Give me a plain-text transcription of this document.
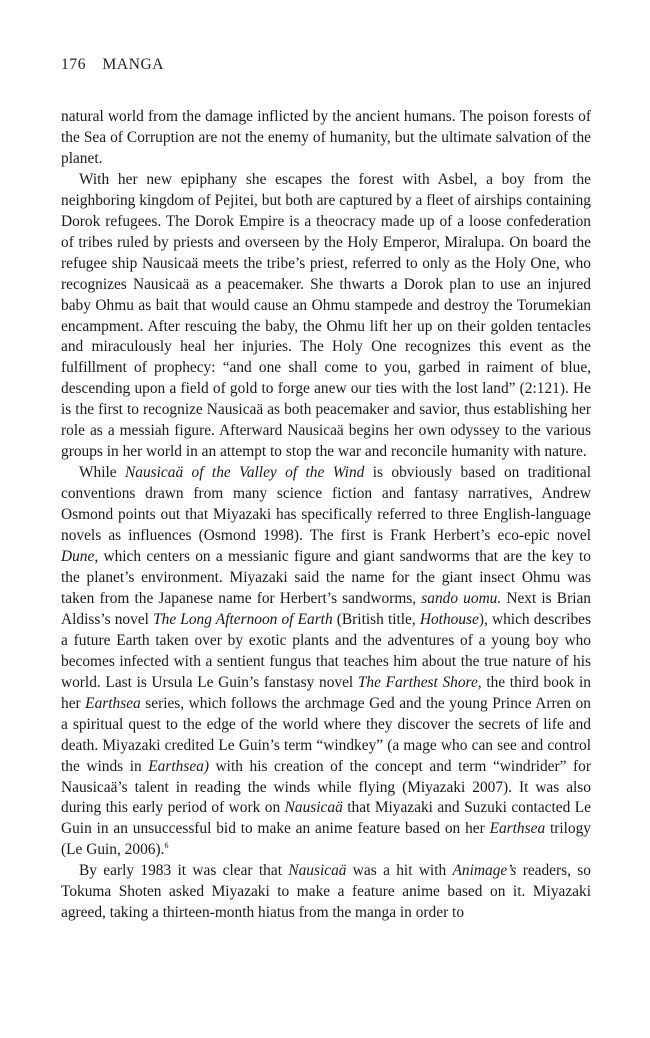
176 MANGA

natural world from the damage inflicted by the ancient humans. The poison forests of the Sea of Corruption are not the enemy of humanity, but the ultimate salvation of the planet.

With her new epiphany she escapes the forest with Asbel, a boy from the neighboring kingdom of Pejitei, but both are captured by a fleet of airships containing Dorok refugees. The Dorok Empire is a theocracy made up of a loose confederation of tribes ruled by priests and overseen by the Holy Emperor, Miralupa. On board the refugee ship Nausicaä meets the tribe’s priest, referred to only as the Holy One, who recognizes Nausicaä as a peacemaker. She thwarts a Dorok plan to use an injured baby Ohmu as bait that would cause an Ohmu stampede and destroy the Torumekian encampment. After rescuing the baby, the Ohmu lift her up on their golden tentacles and miraculously heal her injuries. The Holy One recognizes this event as the fulfillment of prophecy: “and one shall come to you, garbed in raiment of blue, descending upon a field of gold to forge anew our ties with the lost land” (2:121). He is the first to recognize Nausicaä as both peacemaker and savior, thus establishing her role as a messiah figure. Afterward Nausicaä begins her own odyssey to the various groups in her world in an attempt to stop the war and reconcile humanity with nature.

While Nausicaä of the Valley of the Wind is obviously based on traditional conventions drawn from many science fiction and fantasy narratives, Andrew Osmond points out that Miyazaki has specifically referred to three English-language novels as influences (Osmond 1998). The first is Frank Herbert’s eco-epic novel Dune, which centers on a messianic figure and giant sandworms that are the key to the planet’s environment. Miyazaki said the name for the giant insect Ohmu was taken from the Japanese name for Herbert’s sandworms, sando uomu. Next is Brian Aldiss’s novel The Long Afternoon of Earth (British title, Hothouse), which describes a future Earth taken over by exotic plants and the adventures of a young boy who becomes infected with a sentient fungus that teaches him about the true nature of his world. Last is Ursula Le Guin’s fanstasy novel The Farthest Shore, the third book in her Earthsea series, which follows the archmage Ged and the young Prince Arren on a spiritual quest to the edge of the world where they discover the secrets of life and death. Miyazaki credited Le Guin’s term “windkey” (a mage who can see and control the winds in Earthsea) with his creation of the concept and term “windrider” for Nausicaä’s talent in reading the winds while flying (Miyazaki 2007). It was also during this early period of work on Nausicaä that Miyazaki and Suzuki contacted Le Guin in an unsuccessful bid to make an anime feature based on her Earthsea trilogy (Le Guin, 2006).$^6$

By early 1983 it was clear that Nausicaä was a hit with Animage’s readers, so Tokuma Shoten asked Miyazaki to make a feature anime based on it. Miyazaki agreed, taking a thirteen-month hiatus from the manga in order to
